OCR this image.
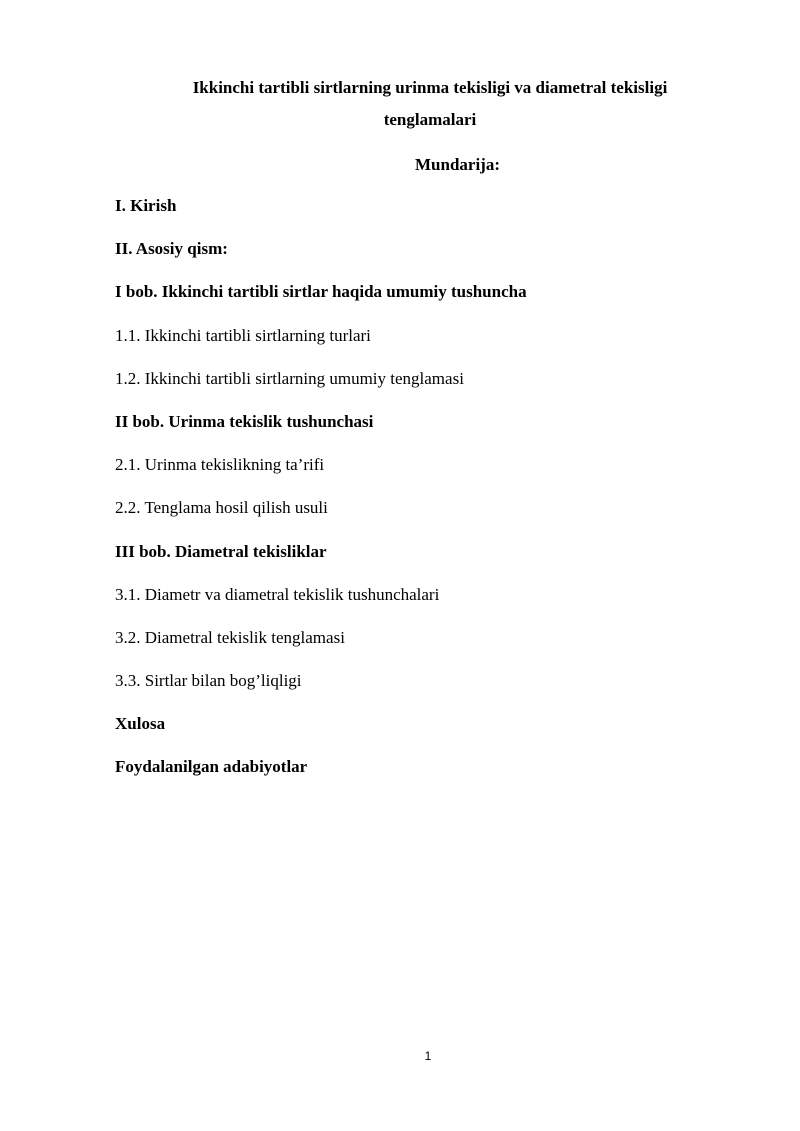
Ikkinchi tartibli sirtlarning urinma tekisligi va diametral tekisligi

tenglamalari

Mundarija:

I. Kirish
II. Asosiy qism:
I bob. Ikkinchi tartibli sirtlar haqida umumiy tushuncha
1.1. Ikkinchi tartibli sirtlarning turlari
1.2. Ikkinchi tartibli sirtlarning umumiy tenglamasi
II bob. Urinma tekislik tushunchasi
2.1. Urinma tekislikning ta’rifi
2.2. Tenglama hosil qilish usuli
III bob. Diametral tekisliklar
3.1. Diametr va diametral tekislik tushunchalari
3.2. Diametral tekislik tenglamasi
3.3. Sirtlar bilan bog’liqligi
Xulosa
Foydalanilgan adabiyotlar
1
